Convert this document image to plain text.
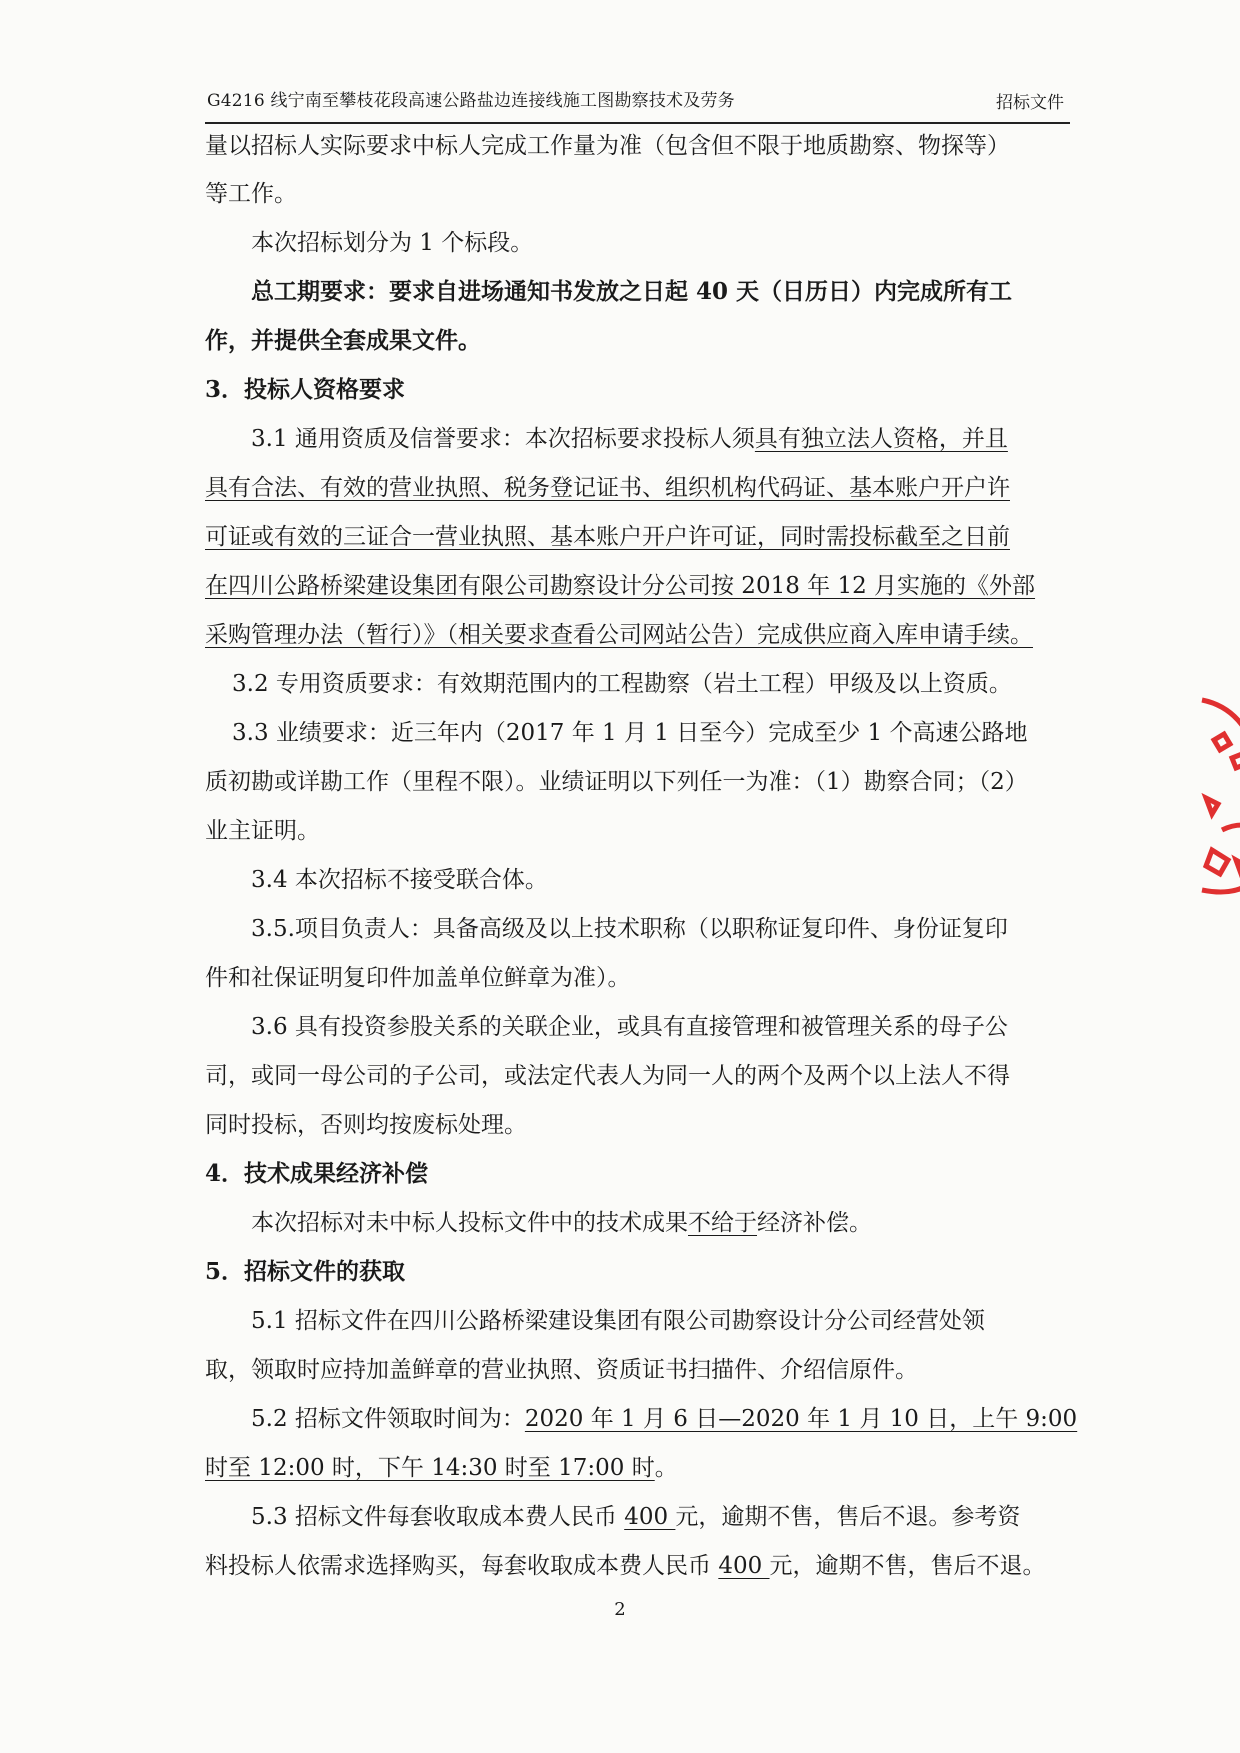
G4216 线宁南至攀枝花段高速公路盐边连接线施工图勘察技术及劳务	招标文件
量以招标人实际要求中标人完成工作量为准（包含但不限于地质勘察、物探等）
等工作。
本次招标划分为 1 个标段。
总工期要求：要求自进场通知书发放之日起 40 天（日历日）内完成所有工
作，并提供全套成果文件。
3．投标人资格要求
3.1 通用资质及信誉要求：本次招标要求投标人须具有独立法人资格，并且
具有合法、有效的营业执照、税务登记证书、组织机构代码证、基本账户开户许
可证或有效的三证合一营业执照、基本账户开户许可证，同时需投标截至之日前
在四川公路桥梁建设集团有限公司勘察设计分公司按 2018 年 12 月实施的《外部
采购管理办法（暂行）》（相关要求查看公司网站公告）完成供应商入库申请手续。
3.2 专用资质要求：有效期范围内的工程勘察（岩土工程）甲级及以上资质。
3.3 业绩要求：近三年内（2017 年 1 月 1 日至今）完成至少 1 个高速公路地
质初勘或详勘工作（里程不限）。业绩证明以下列任一为准：（1）勘察合同；（2）
业主证明。
3.4 本次招标不接受联合体。
3.5.项目负责人：具备高级及以上技术职称（以职称证复印件、身份证复印
件和社保证明复印件加盖单位鲜章为准）。
3.6 具有投资参股关系的关联企业，或具有直接管理和被管理关系的母子公
司，或同一母公司的子公司，或法定代表人为同一人的两个及两个以上法人不得
同时投标，否则均按废标处理。
4．技术成果经济补偿
本次招标对未中标人投标文件中的技术成果不给于经济补偿。
5．招标文件的获取
5.1 招标文件在四川公路桥梁建设集团有限公司勘察设计分公司经营处领
取，领取时应持加盖鲜章的营业执照、资质证书扫描件、介绍信原件。
5.2 招标文件领取时间为：2020 年 1 月 6 日—2020 年 1 月 10 日，上午 9:00
时至 12:00 时，下午 14:30 时至 17:00 时。
5.3 招标文件每套收取成本费人民币 400 元，逾期不售，售后不退。参考资
料投标人依需求选择购买，每套收取成本费人民币 400 元，逾期不售，售后不退。
2
